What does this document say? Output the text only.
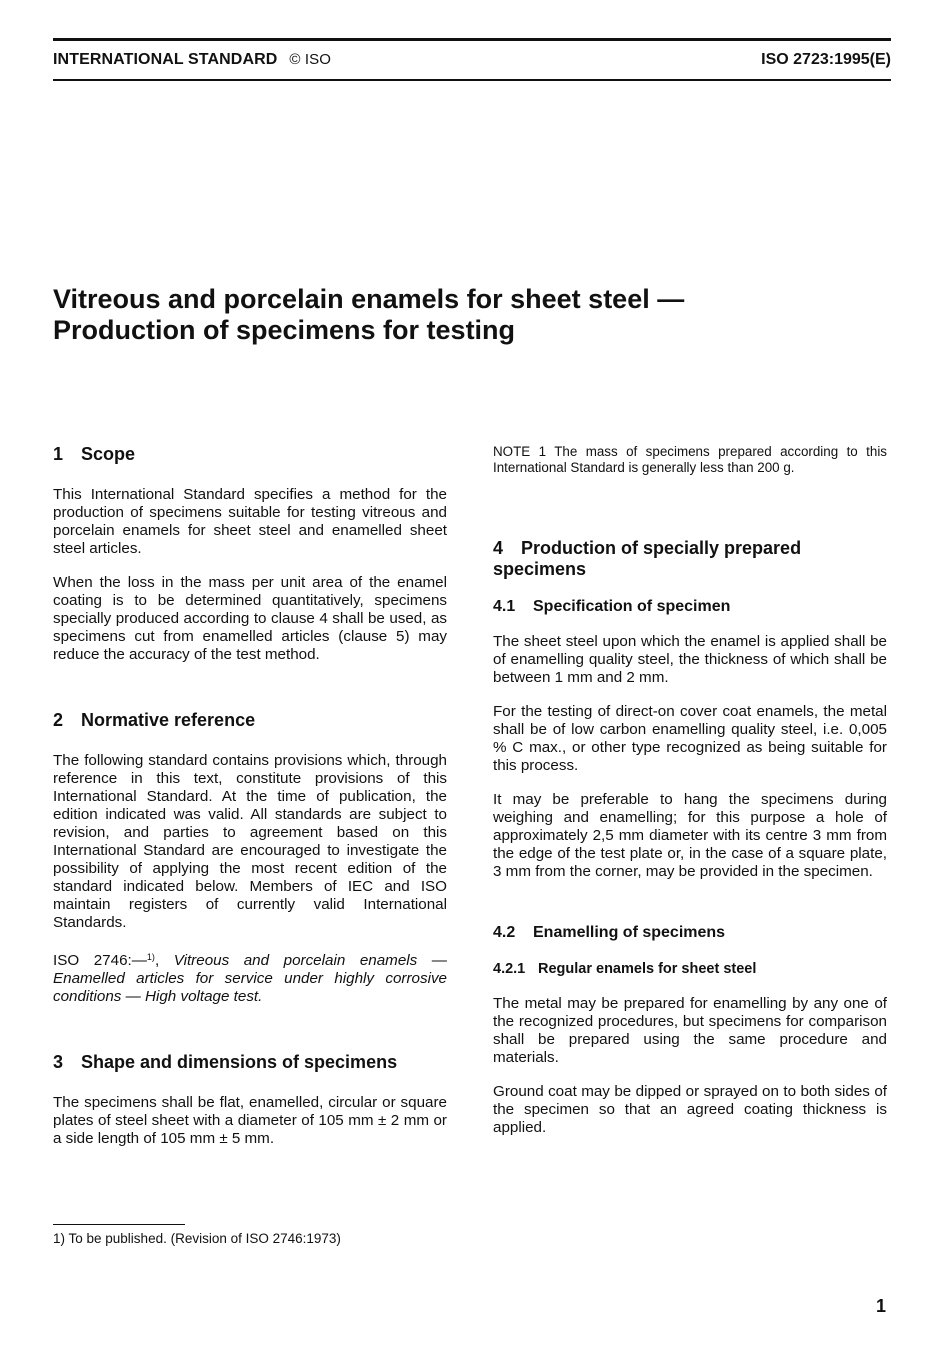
INTERNATIONAL STANDARD © ISO	ISO 2723:1995(E)
Vitreous and porcelain enamels for sheet steel —
Production of specimens for testing
1 Scope

This International Standard specifies a method for the production of specimens suitable for testing vitreous and porcelain enamels for sheet steel and enamelled sheet steel articles.

When the loss in the mass per unit area of the enamel coating is to be determined quantitatively, specimens specially produced according to clause 4 shall be used, as specimens cut from enamelled articles (clause 5) may reduce the accuracy of the test method.

2 Normative reference

The following standard contains provisions which, through reference in this text, constitute provisions of this International Standard. At the time of publication, the edition indicated was valid. All standards are subject to revision, and parties to agreement based on this International Standard are encouraged to investigate the possibility of applying the most recent edition of the standard indicated below. Members of IEC and ISO maintain registers of currently valid International Standards.

ISO 2746:—$^{1)}$, Vitreous and porcelain enamels — Enamelled articles for service under highly corrosive conditions — High voltage test.

3 Shape and dimensions of specimens

The specimens shall be flat, enamelled, circular or square plates of steel sheet with a diameter of 105 mm ± 2 mm or a side length of 105 mm ± 5 mm.

NOTE 1 The mass of specimens prepared according to this International Standard is generally less than 200 g.

4 Production of specially prepared specimens
4.1 Specification of specimen

The sheet steel upon which the enamel is applied shall be of enamelling quality steel, the thickness of which shall be between 1 mm and 2 mm.

For the testing of direct-on cover coat enamels, the metal shall be of low carbon enamelling quality steel, i.e. 0,005 % C max., or other type recognized as being suitable for this process.

It may be preferable to hang the specimens during weighing and enamelling; for this purpose a hole of approximately 2,5 mm diameter with its centre 3 mm from the edge of the test plate or, in the case of a square plate, 3 mm from the corner, may be provided in the specimen.

4.2 Enamelling of specimens
4.2.1 Regular enamels for sheet steel

The metal may be prepared for enamelling by any one of the recognized procedures, but specimens for comparison shall be prepared using the same procedure and materials.

Ground coat may be dipped or sprayed on to both sides of the specimen so that an agreed coating thickness is applied.

1) To be published. (Revision of ISO 2746:1973)
1
